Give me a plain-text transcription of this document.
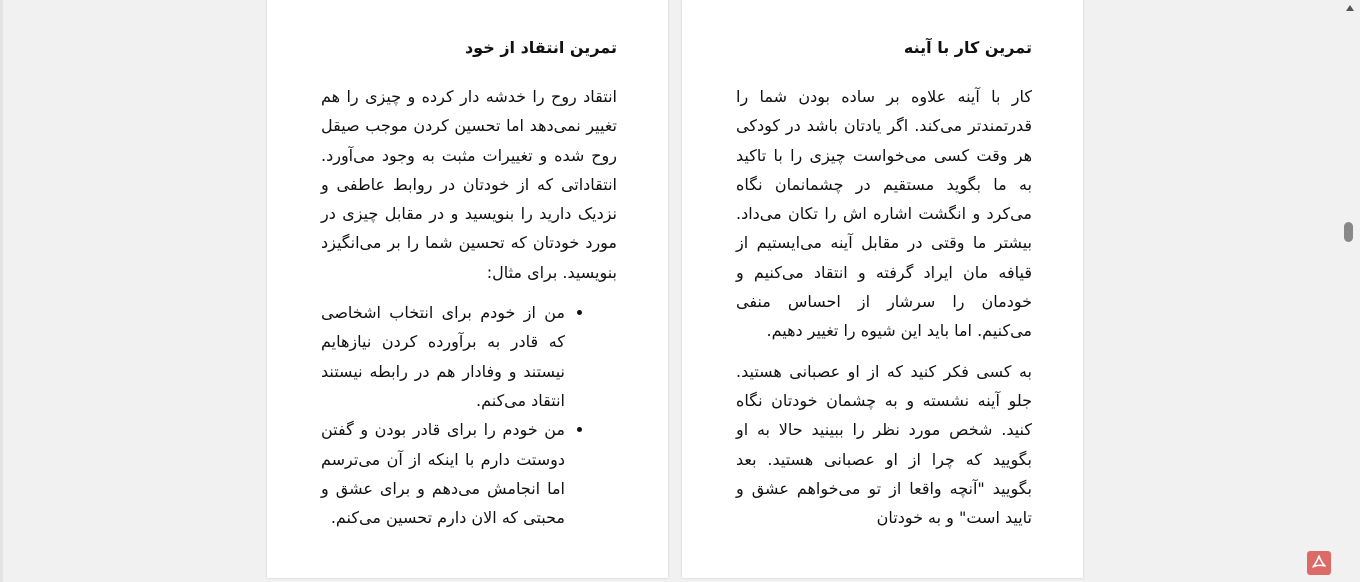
تمرین کار با آینه

کار با آینه علاوه بر ساده بودن شما را قدرتمندتر می‌کند. اگر یادتان باشد در کودکی هر وقت کسی می‌خواست چیزی را با تاکید به ما بگوید مستقیم در چشمانمان نگاه می‌کرد و انگشت اشاره اش را تکان می‌داد. بیشتر ما وقتی در مقابل آینه می‌ایستیم از قیافه مان ایراد گرفته و انتقاد می‌کنیم و خودمان را سرشار از احساس منفی می‌کنیم. اما باید این شیوه را تغییر دهیم.

به کسی فکر کنید که از او عصبانی هستید. جلو آینه نشسته و به چشمان خودتان نگاه کنید. شخص مورد نظر را ببینید حالا به او بگویید که چرا از او عصبانی هستید. بعد بگویید "آنچه واقعا از تو می‌خواهم عشق و تایید است" و به خودتان

تمرین انتقاد از خود

انتقاد روح را خدشه دار کرده و چیزی را هم تغییر نمی‌دهد اما تحسین کردن موجب صیقل روح شده و تغییرات مثبت به وجود می‌آورد. انتقاداتی که از خودتان در روابط عاطفی و نزدیک دارید را بنویسید و در مقابل چیزی در مورد خودتان که تحسین شما را بر می‌انگیزد بنویسید. برای مثال:

• من از خودم برای انتخاب اشخاصی که قادر به برآورده کردن نیازهایم نیستند و وفادار هم در رابطه نیستند انتقاد می‌کنم.
• من خودم را برای قادر بودن و گفتن دوستت دارم با اینکه از آن می‌ترسم اما انجامش می‌دهم و برای عشق و محبتی که الان دارم تحسین می‌کنم.
